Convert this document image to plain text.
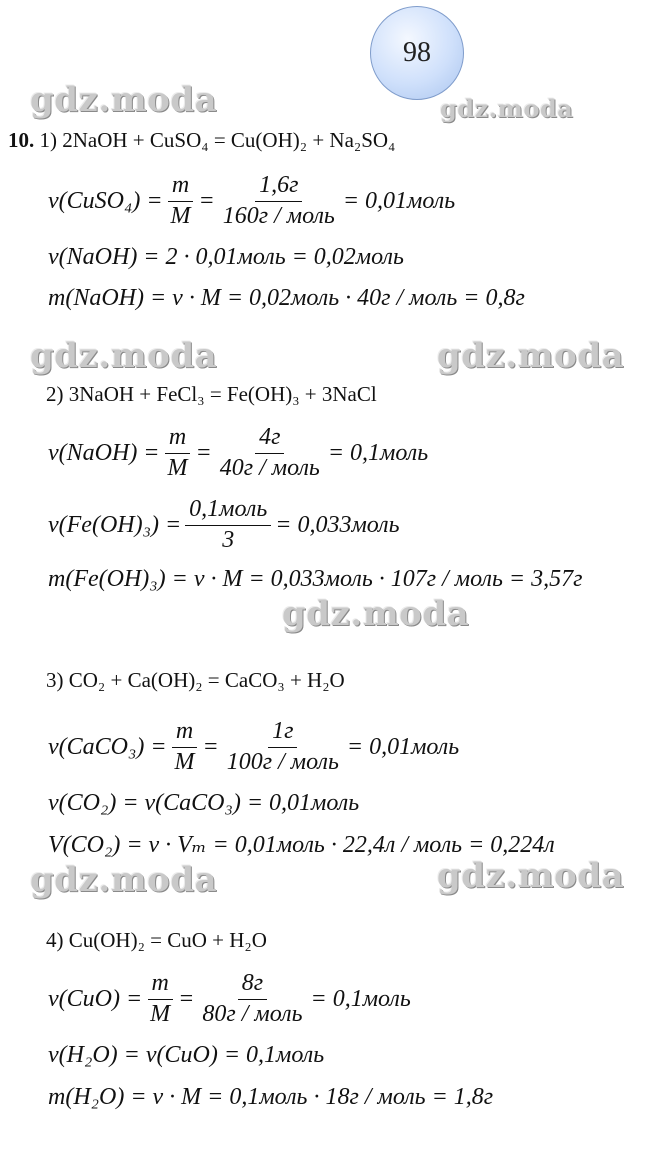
98
gdz.moda	gdz.moda
gdz.moda	gdz.moda
gdz.moda
gdz.moda	gdz.moda
10. 1) 2NaOH + CuSO₄ = Cu(OH)₂ + Na₂SO₄
ν(CuSO₄) = $\frac{m}{M} = \frac{1,6г}{\text{160г / моль}}$ = 0,01моль
ν(NaOH) = 2 · 0,01моль = 0,02моль
m(NaOH) = ν · M = 0,02моль · 40г / моль = 0,8г
2) 3NaOH + FeCl₃ = Fe(OH)₃ + 3NaCl
ν(NaOH) = $\frac{m}{M} = \frac{4г}{\text{40г / моль}}$ = 0,1моль
$\nu(Fe(OH)_3) = \frac{\text{0,1моль}}{3}$ = 0,033моль
m(Fe(OH)₃) = ν · M = 0,033моль · 107г / моль = 3,57г
3) CO₂ + Ca(OH)₂ = CaCO₃ + H₂O
ν(CaCO₃) = $\frac{m}{M} = \frac{1г}{\text{100г / моль}}$ = 0,01моль
ν(CO₂) = ν(CaCO₃) = 0,01моль
V(CO₂) = ν · Vₘ = 0,01моль · 22,4л / моль = 0,224л
4) Cu(OH)₂ = CuO + H₂O
$\nu(CuO) = \frac{m}{M} = \frac{8г}{\text{80г / моль}}$ = 0,1моль
ν(H₂O) = ν(CuO) = 0,1моль
m(H₂O) = ν · M = 0,1моль · 18г / моль = 1,8г
